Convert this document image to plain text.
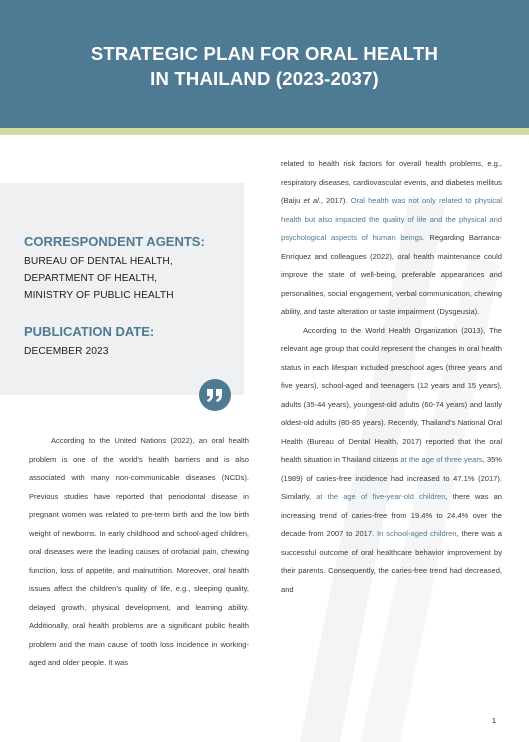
STRATEGIC PLAN FOR ORAL HEALTH
IN THAILAND (2023-2037)
CORRESPONDENT AGENTS:
BUREAU OF DENTAL HEALTH,
DEPARTMENT OF HEALTH,
MINISTRY OF PUBLIC HEALTH
PUBLICATION DATE:
DECEMBER 2023

According to the United Nations (2022), an oral health problem is one of the world’s health barriers and is also associated with many non-communicable diseases (NCDs). Previous studies have reported that periodontal disease in pregnant women was related to pre-term birth and the low birth weight of newborns. In early childhood and school-aged children, oral diseases were the leading causes of orofacial pain, chewing function, loss of appetite, and malnutrition. Moreover, oral health issues affect the children’s quality of life, e.g., sleeping quality, delayed growth, physical development, and learning ability. Additionally, oral health problems are a significant public health problem and the main cause of tooth loss incidence in working-aged and older people. It was

related to health risk factors for overall health problems, e.g., respiratory diseases, cardiovascular events, and diabetes mellitus (Baiju et al., 2017). Oral health was not only related to physical health but also impacted the quality of life and the physical and psychological aspects of human beings. Regarding Barranca-Enríquez and colleagues (2022), oral health maintenance could improve the state of well-being, preferable appearances and personalities, social engagement, verbal communication, chewing ability, and taste alteration or taste impairment (Dysgeusia).

According to the World Health Organization (2013), The relevant age group that could represent the changes in oral health status in each lifespan included preschool ages (three years and five years), school-aged and teenagers (12 years and 15 years), adults (35-44 years), youngest-old adults (60-74 years) and lastly oldest-old adults (80-85 years). Recently, Thailand’s National Oral Health (Bureau of Dental Health, 2017) reported that the oral health situation in Thailand citizens at the age of three years, 35% (1989) of caries-free incidence had increased to 47.1% (2017). Similarly, at the age of five-year-old children, there was an increasing trend of caries-free from 19.4% to 24.4% over the decade from 2007 to 2017. In school-aged children, there was a successful outcome of oral healthcare behavior improvement by their parents. Consequently, the caries-free trend had decreased, and

1
